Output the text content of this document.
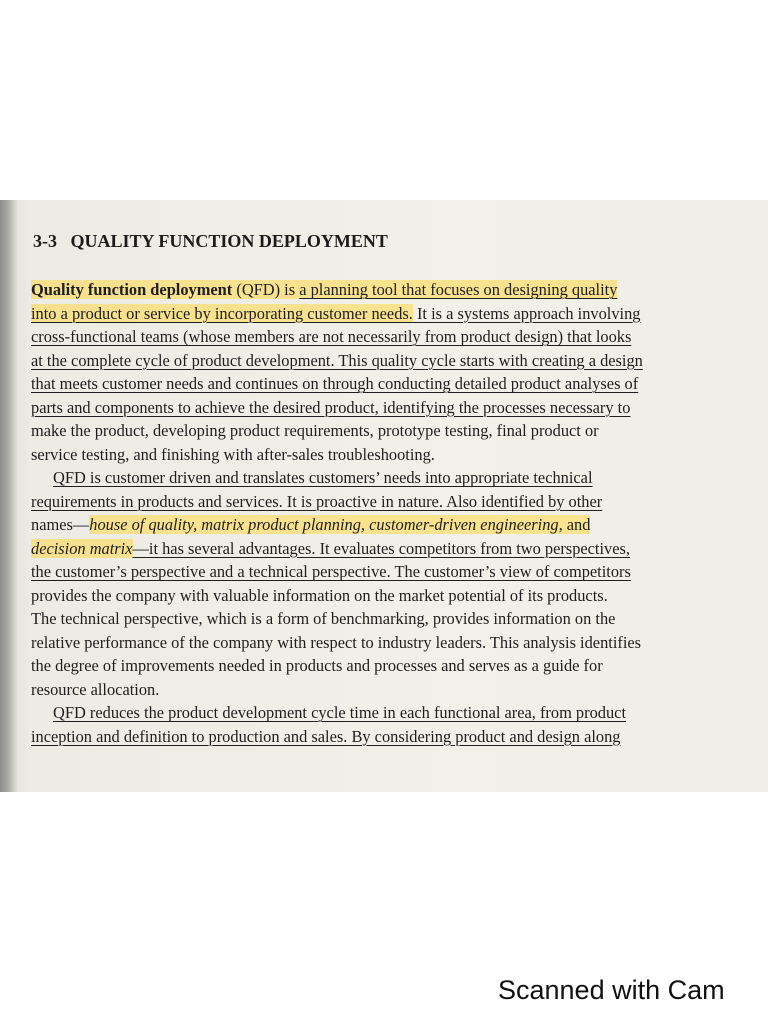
3-3 QUALITY FUNCTION DEPLOYMENT
Quality function deployment (QFD) is a planning tool that focuses on designing quality
into a product or service by incorporating customer needs. It is a systems approach involving
cross-functional teams (whose members are not necessarily from product design) that looks
at the complete cycle of product development. This quality cycle starts with creating a design
that meets customer needs and continues on through conducting detailed product analyses of
parts and components to achieve the desired product, identifying the processes necessary to
make the product, developing product requirements, prototype testing, final product or
service testing, and finishing with after-sales troubleshooting.
QFD is customer driven and translates customers’ needs into appropriate technical
requirements in products and services. It is proactive in nature. Also identified by other
names—house of quality, matrix product planning, customer-driven engineering, and
decision matrix—it has several advantages. It evaluates competitors from two perspectives,
the customer’s perspective and a technical perspective. The customer’s view of competitors
provides the company with valuable information on the market potential of its products.
The technical perspective, which is a form of benchmarking, provides information on the
relative performance of the company with respect to industry leaders. This analysis identifies
the degree of improvements needed in products and processes and serves as a guide for
resource allocation.
QFD reduces the product development cycle time in each functional area, from product
inception and definition to production and sales. By considering product and design along
Scanned with Cam
